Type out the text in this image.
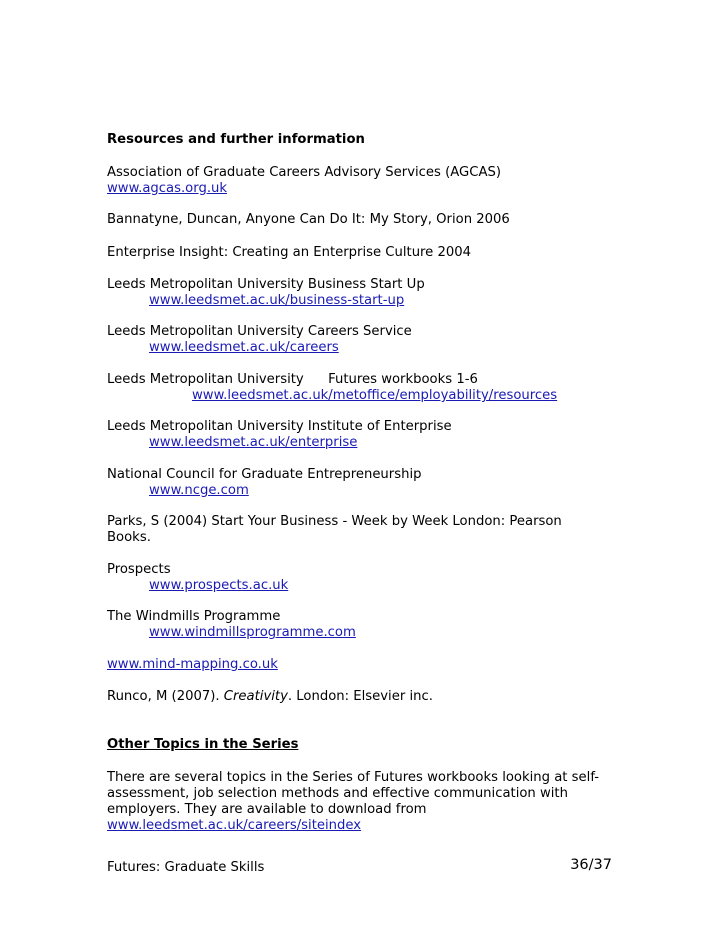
Resources and further information
Association of Graduate Careers Advisory Services (AGCAS)
www.agcas.org.uk
Bannatyne, Duncan, Anyone Can Do It: My Story, Orion 2006
Enterprise Insight: Creating an Enterprise Culture 2004
Leeds Metropolitan University Business Start Up
www.leedsmet.ac.uk/business-start-up
Leeds Metropolitan University Careers Service
www.leedsmet.ac.uk/careers
Leeds Metropolitan University Futures workbooks 1-6
www.leedsmet.ac.uk/metoffice/employability/resources
Leeds Metropolitan University Institute of Enterprise
www.leedsmet.ac.uk/enterprise
National Council for Graduate Entrepreneurship
www.ncge.com
Parks, S (2004) Start Your Business - Week by Week London: Pearson
Books.
Prospects
www.prospects.ac.uk
The Windmills Programme
www.windmillsprogramme.com
www.mind-mapping.co.uk
Runco, M (2007). Creativity. London: Elsevier inc.
Other Topics in the Series
There are several topics in the Series of Futures workbooks looking at self-
assessment, job selection methods and effective communication with
employers. They are available to download from
www.leedsmet.ac.uk/careers/siteindex
Futures: Graduate Skills	36/37
